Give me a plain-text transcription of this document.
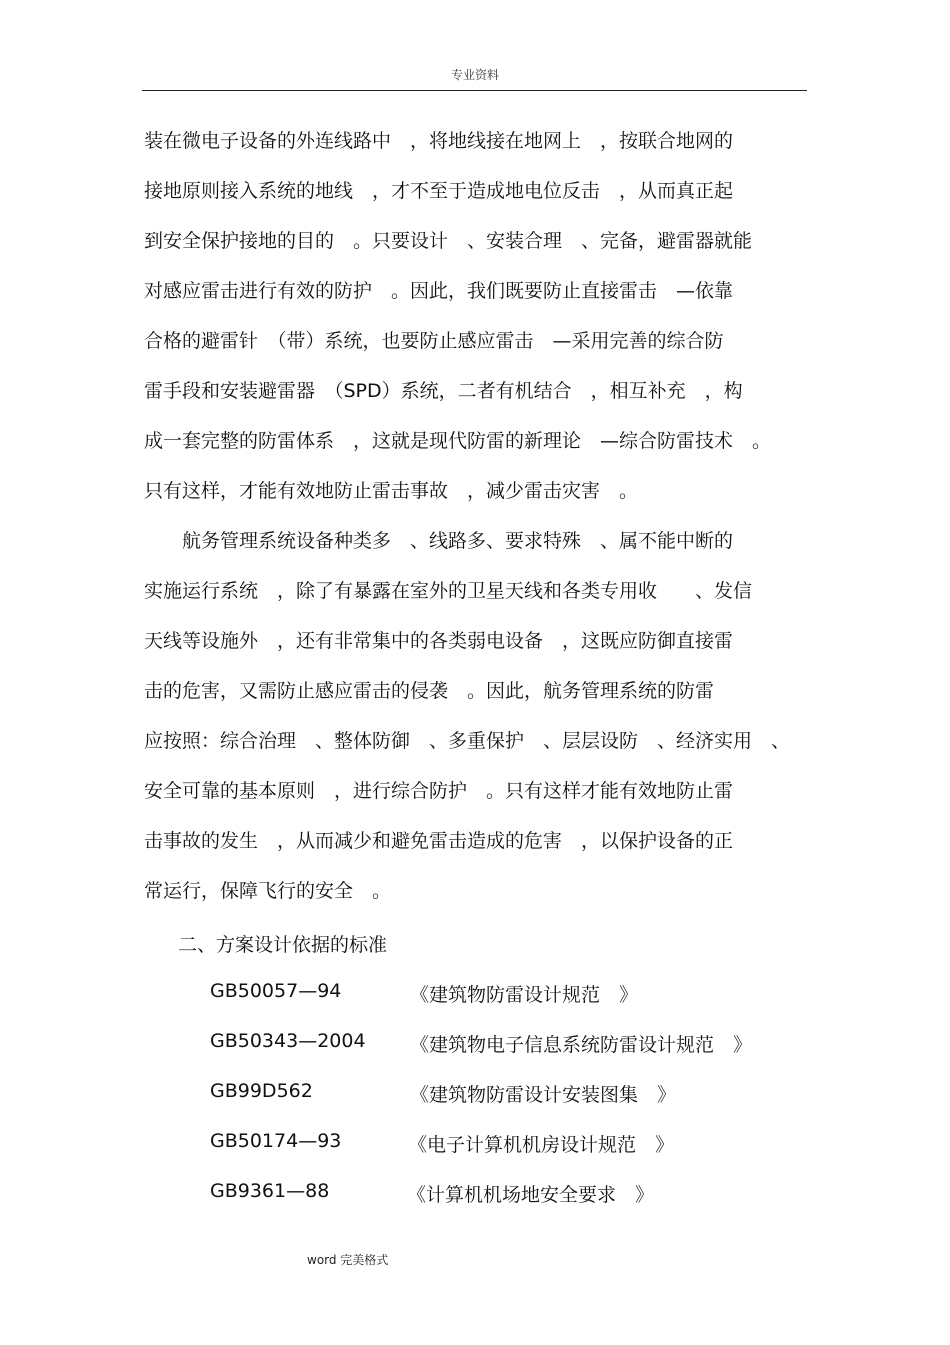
专业资料
装在微电子设备的外连线路中　，将地线接在地网上　，按联合地网的
接地原则接入系统的地线　，才不至于造成地电位反击　，从而真正起
到安全保护接地的目的　。只要设计　、安装合理　、完备，避雷器就能
对感应雷击进行有效的防护　。因此，我们既要防止直接雷击　—依靠
合格的避雷针　（带）系统，也要防止感应雷击　—采用完善的综合防
雷手段和安装避雷器　（SPD）系统，二者有机结合　，相互补充　，构
成一套完整的防雷体系　，这就是现代防雷的新理论　—综合防雷技术　。
只有这样，才能有效地防止雷击事故　，减少雷击灾害　。
　　航务管理系统设备种类多　、线路多、要求特殊　、属不能中断的
实施运行系统　，除了有暴露在室外的卫星天线和各类专用收　　、发信
天线等设施外　，还有非常集中的各类弱电设备　，这既应防御直接雷
击的危害，又需防止感应雷击的侵袭　。因此，航务管理系统的防雷
应按照：综合治理　、整体防御　、多重保护　、层层设防　、经济实用　、
安全可靠的基本原则　，进行综合防护　。只有这样才能有效地防止雷
击事故的发生　，从而减少和避免雷击造成的危害　，以保护设备的正
常运行，保障飞行的安全　。
二、方案设计依据的标准
GB50057—94	《建筑物防雷设计规范　》
GB50343—2004 《建筑物电子信息系统防雷设计规范　》
GB99D562	《建筑物防雷设计安装图集　》
GB50174—93	《电子计算机机房设计规范　》
GB9361—88	《计算机机场地安全要求　》
word 完美格式
